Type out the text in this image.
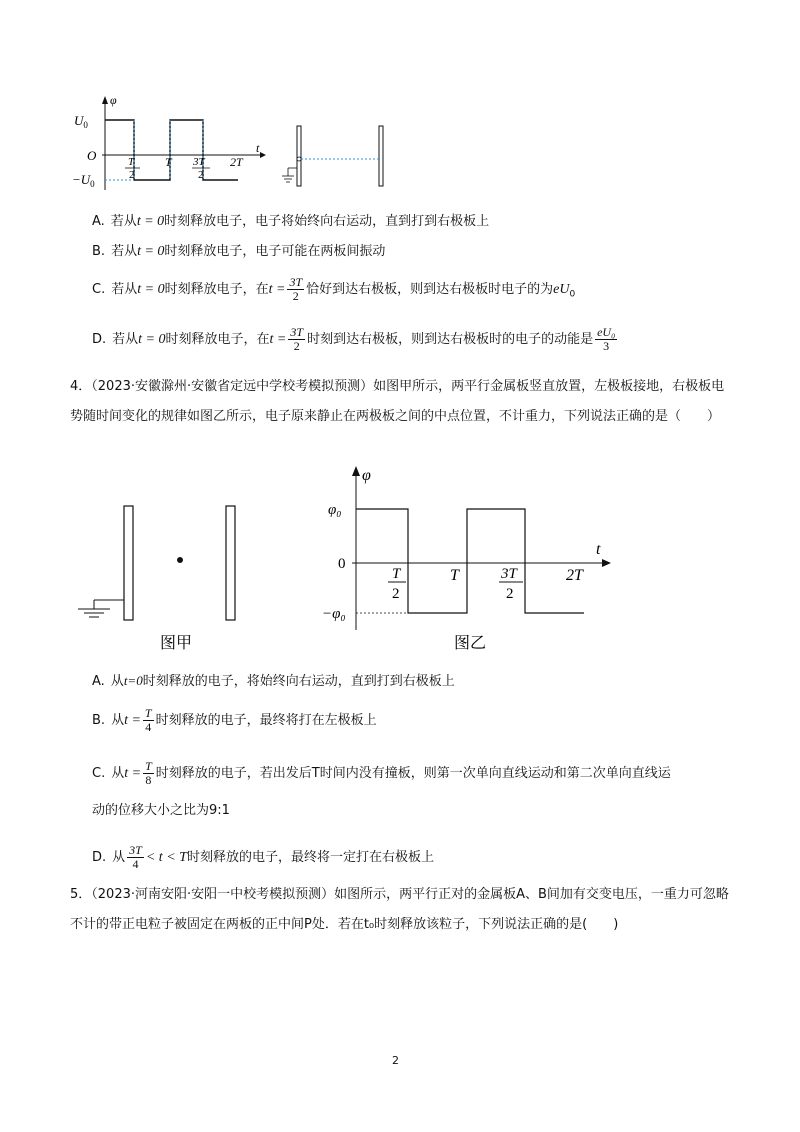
φ
$U_0$
O
$-U_0$
t
T
2
T 3T
2
2T
A. 若从t = 0时刻释放电子，电子将始终向右运动，直到打到右极板上
B. 若从t = 0时刻释放电子，电子可能在两板间振动
C. 若从t = 0时刻释放电子，在$t = \frac{3T}{2}$ 恰好到达右极板，则到达右极板时电子的为$eU_0$
D. 若从t = 0时刻释放电子，在$t = \frac{3T}{2}$ 时刻到达右极板，则到达右极板时的电子的动能是 $\frac{\text{eU₀}}{3}$
4．（2023·安徽滁州·安徽省定远中学校考模拟预测）如图甲所示，两平行金属板竖直放置，左极板接地，右极板电势随时间变化的规律如图乙所示，电子原来静止在两极板之间的中点位置，不计重力，下列说法正确的是（　　）
图甲
φ
φ₀
0
−φ₀
t
T
2
T	3T
2
2T
图乙
A. 从t=0时刻释放的电子，将始终向右运动，直到打到右极板上
B. 从$t = \frac{T}{4}$ 时刻释放的电子，最终将打在左极板上
C. 从$t = \frac{T}{8}$ 时刻释放的电子，若出发后T时间内没有撞板，则第一次单向直线运动和第二次单向直线运
动的位移大小之比为9:1
D. 从 $\frac{3T}{4} < t < T$时刻释放的电子，最终将一定打在右极板上
5．（2023·河南安阳·安阳一中校考模拟预测）如图所示，两平行正对的金属板A、B间加有交变电压，一重力可忽略不计的带正电粒子被固定在两板的正中间P处．若在t₀时刻释放该粒子，下列说法正确的是(　　)
2
